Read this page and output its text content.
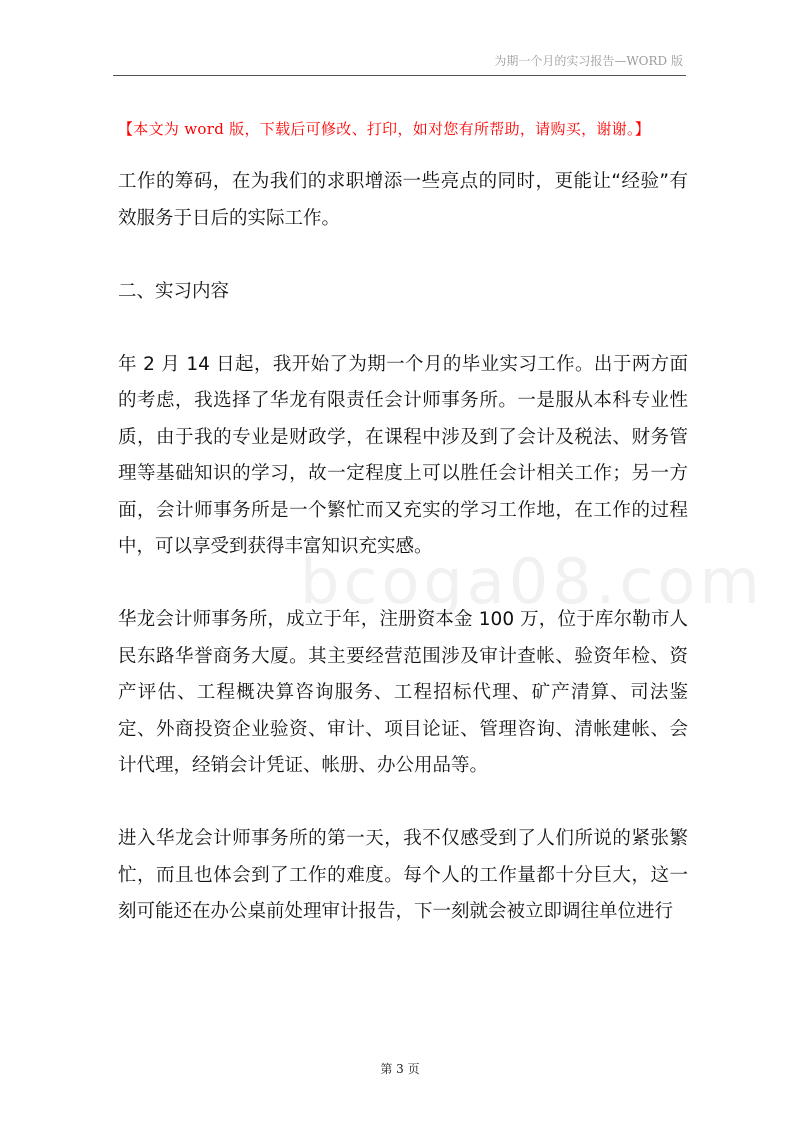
为期一个月的实习报告—WORD 版
【本文为 word 版，下载后可修改、打印，如对您有所帮助，请购买，谢谢。】

工作的筹码，在为我们的求职增添一些亮点的同时，更能让“经验”有效服务于日后的实际工作。

二、实习内容

年 2 月 14 日起，我开始了为期一个月的毕业实习工作。出于两方面的考虑，我选择了华龙有限责任会计师事务所。一是服从本科专业性质，由于我的专业是财政学，在课程中涉及到了会计及税法、财务管理等基础知识的学习，故一定程度上可以胜任会计相关工作；另一方面，会计师事务所是一个繁忙而又充实的学习工作地，在工作的过程中，可以享受到获得丰富知识充实感。

华龙会计师事务所，成立于年，注册资本金 100 万，位于库尔勒市人民东路华誉商务大厦。其主要经营范围涉及审计查帐、验资年检、资产评估、工程概决算咨询服务、工程招标代理、矿产清算、司法鉴定、外商投资企业验资、审计、项目论证、管理咨询、清帐建帐、会计代理，经销会计凭证、帐册、办公用品等。

进入华龙会计师事务所的第一天，我不仅感受到了人们所说的紧张繁忙，而且也体会到了工作的难度。每个人的工作量都十分巨大，这一刻可能还在办公桌前处理审计报告，下一刻就会被立即调往单位进行

bcoga08.com
第 3 页
